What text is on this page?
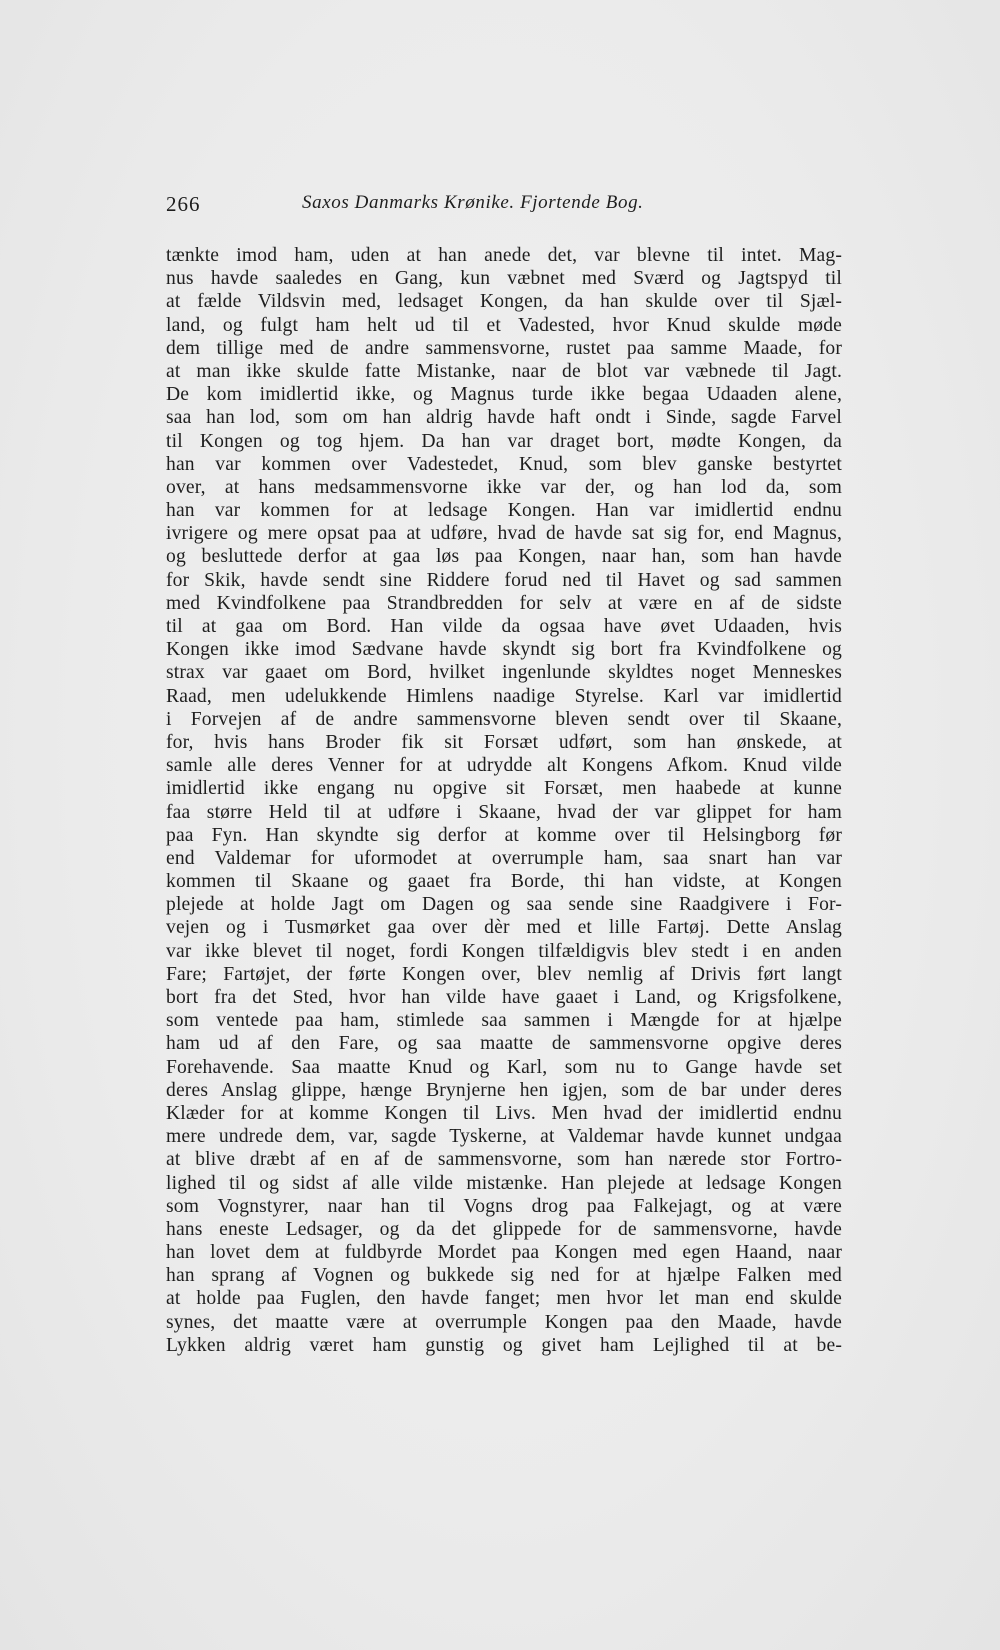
266	Saxos Danmarks Krønike. Fjortende Bog.
tænkte imod ham, uden at han anede det, var blevne til intet. Mag-
nus havde saaledes en Gang, kun væbnet med Sværd og Jagtspyd til
at fælde Vildsvin med, ledsaget Kongen, da han skulde over til Sjæl-
land, og fulgt ham helt ud til et Vadested, hvor Knud skulde møde
dem tillige med de andre sammensvorne, rustet paa samme Maade, for
at man ikke skulde fatte Mistanke, naar de blot var væbnede til Jagt.
De kom imidlertid ikke, og Magnus turde ikke begaa Udaaden alene,
saa han lod, som om han aldrig havde haft ondt i Sinde, sagde Farvel
til Kongen og tog hjem. Da han var draget bort, mødte Kongen, da
han var kommen over Vadestedet, Knud, som blev ganske bestyrtet
over, at hans medsammensvorne ikke var der, og han lod da, som
han var kommen for at ledsage Kongen. Han var imidlertid endnu
ivrigere og mere opsat paa at udføre, hvad de havde sat sig for, end Magnus,
og besluttede derfor at gaa løs paa Kongen, naar han, som han havde
for Skik, havde sendt sine Riddere forud ned til Havet og sad sammen
med Kvindfolkene paa Strandbredden for selv at være en af de sidste
til at gaa om Bord. Han vilde da ogsaa have øvet Udaaden, hvis
Kongen ikke imod Sædvane havde skyndt sig bort fra Kvindfolkene og
strax var gaaet om Bord, hvilket ingenlunde skyldtes noget Menneskes
Raad, men udelukkende Himlens naadige Styrelse. Karl var imidlertid
i Forvejen af de andre sammensvorne bleven sendt over til Skaane,
for, hvis hans Broder fik sit Forsæt udført, som han ønskede, at
samle alle deres Venner for at udrydde alt Kongens Afkom. Knud vilde
imidlertid ikke engang nu opgive sit Forsæt, men haabede at kunne
faa større Held til at udføre i Skaane, hvad der var glippet for ham
paa Fyn. Han skyndte sig derfor at komme over til Helsingborg før
end Valdemar for uformodet at overrumple ham, saa snart han var
kommen til Skaane og gaaet fra Borde, thi han vidste, at Kongen
plejede at holde Jagt om Dagen og saa sende sine Raadgivere i For-
vejen og i Tusmørket gaa over dèr med et lille Fartøj. Dette Anslag
var ikke blevet til noget, fordi Kongen tilfældigvis blev stedt i en anden
Fare; Fartøjet, der førte Kongen over, blev nemlig af Drivis ført langt
bort fra det Sted, hvor han vilde have gaaet i Land, og Krigsfolkene,
som ventede paa ham, stimlede saa sammen i Mængde for at hjælpe
ham ud af den Fare, og saa maatte de sammensvorne opgive deres
Forehavende. Saa maatte Knud og Karl, som nu to Gange havde set
deres Anslag glippe, hænge Brynjerne hen igjen, som de bar under deres
Klæder for at komme Kongen til Livs. Men hvad der imidlertid endnu
mere undrede dem, var, sagde Tyskerne, at Valdemar havde kunnet undgaa
at blive dræbt af en af de sammensvorne, som han nærede stor Fortro-
lighed til og sidst af alle vilde mistænke. Han plejede at ledsage Kongen
som Vognstyrer, naar han til Vogns drog paa Falkejagt, og at være
hans eneste Ledsager, og da det glippede for de sammensvorne, havde
han lovet dem at fuldbyrde Mordet paa Kongen med egen Haand, naar
han sprang af Vognen og bukkede sig ned for at hjælpe Falken med
at holde paa Fuglen, den havde fanget; men hvor let man end skulde
synes, det maatte være at overrumple Kongen paa den Maade, havde
Lykken aldrig været ham gunstig og givet ham Lejlighed til at be-
